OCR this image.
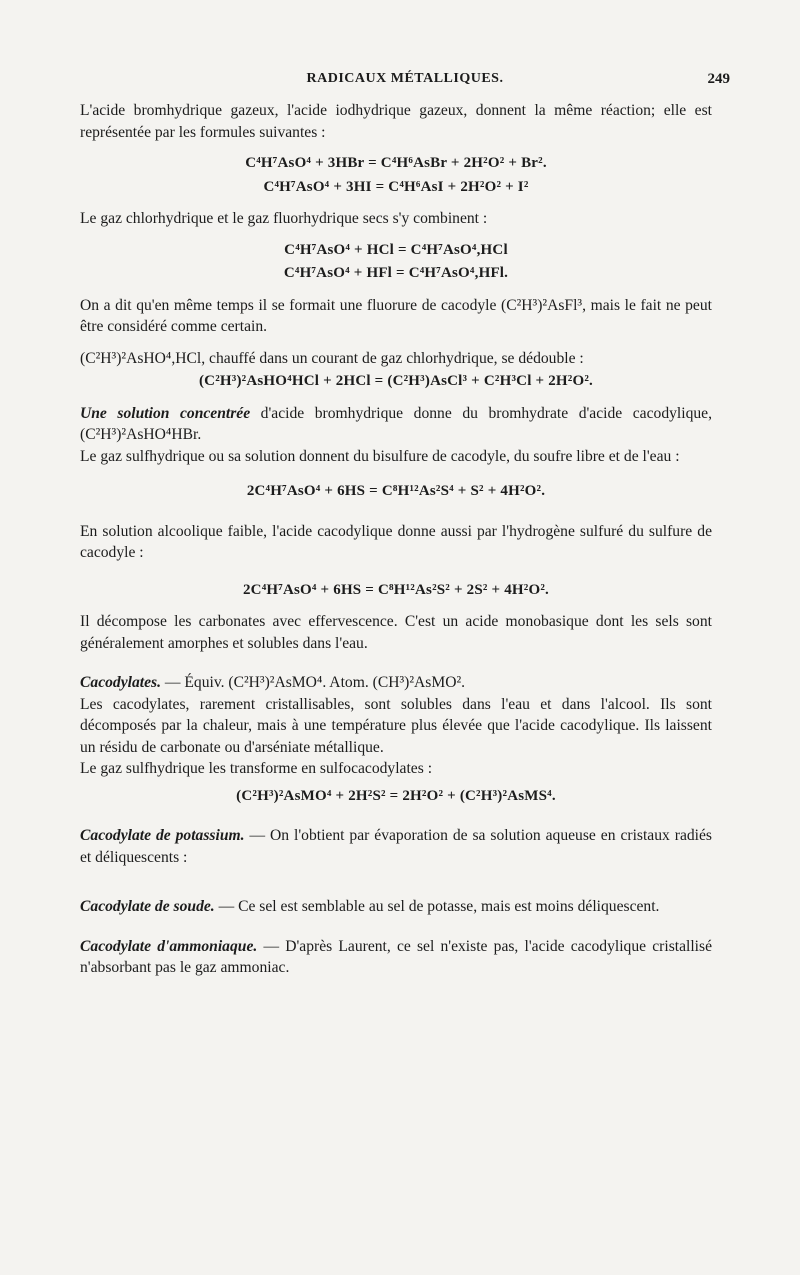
RADICAUX MÉTALLIQUES.	249

L'acide bromhydrique gazeux, l'acide iodhydrique gazeux, donnent la même réaction; elle est représentée par les formules suivantes :

C⁴H⁷AsO⁴ + 3HBr = C⁴H⁶AsBr + 2H²O² + Br².
C⁴H⁷AsO⁴ + 3HI = C⁴H⁶AsI + 2H²O² + I²

Le gaz chlorhydrique et le gaz fluorhydrique secs s'y combinent :

C⁴H⁷AsO⁴ + HCl = C⁴H⁷AsO⁴,HCl
C⁴H⁷AsO⁴ + HFl = C⁴H⁷AsO⁴,HFl.

On a dit qu'en même temps il se formait une fluorure de cacodyle (C²H³)²AsFl³, mais le fait ne peut être considéré comme certain.

(C²H³)²AsHO⁴,HCl, chauffé dans un courant de gaz chlorhydrique, se dédouble :

(C²H³)²AsHO⁴HCl + 2HCl = (C²H³)AsCl³ + C²H³Cl + 2H²O².

Une solution concentrée d'acide bromhydrique donne du bromhydrate d'acide cacodylique, (C²H³)²AsHO⁴HBr.

Le gaz sulfhydrique ou sa solution donnent du bisulfure de cacodyle, du soufre libre et de l'eau :

2C⁴H⁷AsO⁴ + 6HS = C⁸H¹²As²S⁴ + S² + 4H²O².

En solution alcoolique faible, l'acide cacodylique donne aussi par l'hydrogène sulfuré du sulfure de cacodyle :

2C⁴H⁷AsO⁴ + 6HS = C⁸H¹²As²S² + 2S² + 4H²O².

Il décompose les carbonates avec effervescence. C'est un acide monobasique dont les sels sont généralement amorphes et solubles dans l'eau.

Cacodylates. — Équiv. (C²H³)²AsMO⁴. Atom. (CH³)²AsMO².

Les cacodylates, rarement cristallisables, sont solubles dans l'eau et dans l'alcool. Ils sont décomposés par la chaleur, mais à une température plus élevée que l'acide cacodylique. Ils laissent un résidu de carbonate ou d'arséniate métallique.

Le gaz sulfhydrique les transforme en sulfocacodylates :

(C²H³)²AsMO⁴ + 2H²S² = 2H²O² + (C²H³)²AsMS⁴.

Cacodylate de potassium. — On l'obtient par évaporation de sa solution aqueuse en cristaux radiés et déliquescents :

Cacodylate de soude. — Ce sel est semblable au sel de potasse, mais est moins déliquescent.

Cacodylate d'ammoniaque. — D'après Laurent, ce sel n'existe pas, l'acide cacodylique cristallisé n'absorbant pas le gaz ammoniac.
